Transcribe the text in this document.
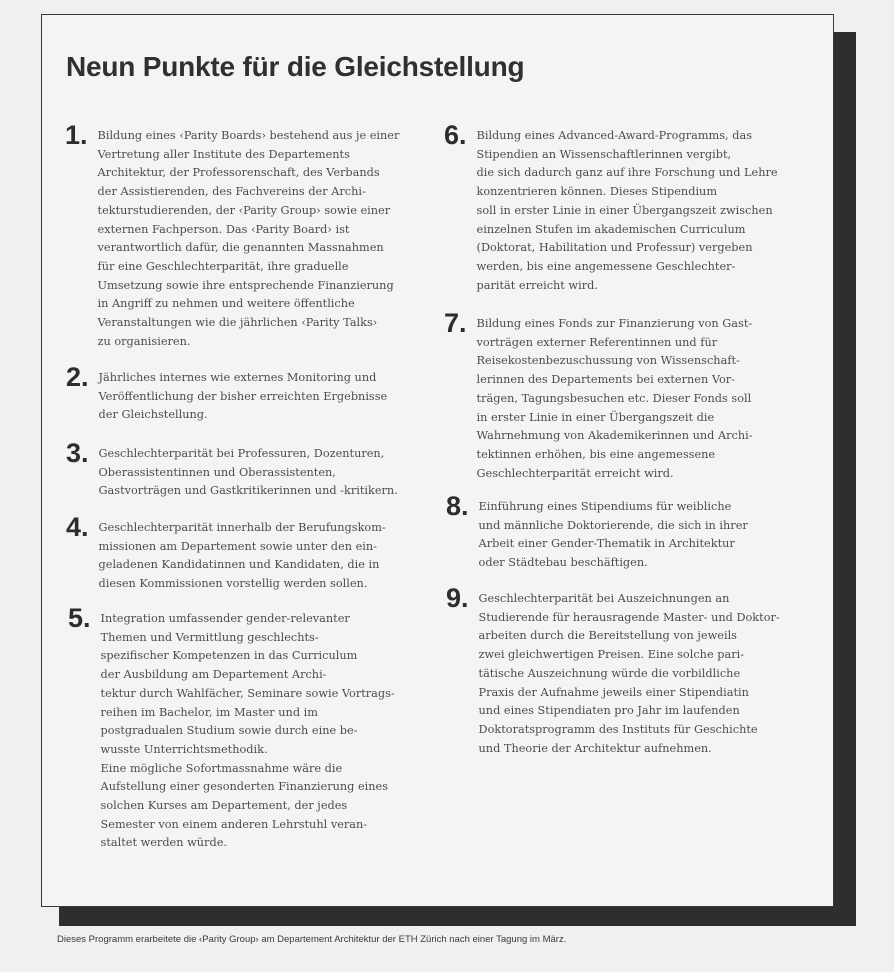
Neun Punkte für die Gleichstellung
1. Bildung eines ‹Parity Boards› bestehend aus je einer
Vertretung aller Institute des Departements
Architektur, der Professorenschaft, des Verbands
der Assistierenden, des Fachvereins der Archi-
tekturstudierenden, der ‹Parity Group› sowie einer
externen Fachperson. Das ‹Parity Board› ist
verantwortlich dafür, die genannten Massnahmen
für eine Geschlechterparität, ihre graduelle
Umsetzung sowie ihre entsprechende Finanzierung
in Angriff zu nehmen und weitere öffentliche
Veranstaltungen wie die jährlichen ‹Parity Talks›
zu organisieren.
2. Jährliches internes wie externes Monitoring und
Veröffentlichung der bisher erreichten Ergebnisse
der Gleichstellung.
3. Geschlechterparität bei Professuren, Dozenturen,
Oberassistentinnen und Oberassistenten,
Gastvorträgen und Gastkritikerinnen und -kritikern.
4. Geschlechterparität innerhalb der Berufungskom-
missionen am Departement sowie unter den ein-
geladenen Kandidatinnen und Kandidaten, die in
diesen Kommissionen vorstellig werden sollen.
5. Integration umfassender gender-relevanter
Themen und Vermittlung geschlechts-
spezifischer Kompetenzen in das Curriculum
der Ausbildung am Departement Archi-
tektur durch Wahlfächer, Seminare sowie Vortrags-
reihen im Bachelor, im Master und im
postgradualen Studium sowie durch eine be-
wusste Unterrichtsmethodik.
Eine mögliche Sofortmassnahme wäre die
Aufstellung einer gesonderten Finanzierung eines
solchen Kurses am Departement, der jedes
Semester von einem anderen Lehrstuhl veran-
staltet werden würde.
6. Bildung eines Advanced-Award-Programms, das
Stipendien an Wissenschaftlerinnen vergibt,
die sich dadurch ganz auf ihre Forschung und Lehre
konzentrieren können. Dieses Stipendium
soll in erster Linie in einer Übergangszeit zwischen
einzelnen Stufen im akademischen Curriculum
(Doktorat, Habilitation und Professur) vergeben
werden, bis eine angemessene Geschlechter-
parität erreicht wird.
7. Bildung eines Fonds zur Finanzierung von Gast-
vorträgen externer Referentinnen und für
Reisekostenbezuschussung von Wissenschaft-
lerinnen des Departements bei externen Vor-
trägen, Tagungsbesuchen etc. Dieser Fonds soll
in erster Linie in einer Übergangszeit die
Wahrnehmung von Akademikerinnen und Archi-
tektinnen erhöhen, bis eine angemessene
Geschlechterparität erreicht wird.
8. Einführung eines Stipendiums für weibliche
und männliche Doktorierende, die sich in ihrer
Arbeit einer Gender-Thematik in Architektur
oder Städtebau beschäftigen.
9. Geschlechterparität bei Auszeichnungen an
Studierende für herausragende Master- und Doktor-
arbeiten durch die Bereitstellung von jeweils
zwei gleichwertigen Preisen. Eine solche pari-
tätische Auszeichnung würde die vorbildliche
Praxis der Aufnahme jeweils einer Stipendiatin
und eines Stipendiaten pro Jahr im laufenden
Doktoratsprogramm des Instituts für Geschichte
und Theorie der Architektur aufnehmen.
Dieses Programm erarbeitete die ‹Parity Group› am Departement Architektur der ETH Zürich nach einer Tagung im März.
